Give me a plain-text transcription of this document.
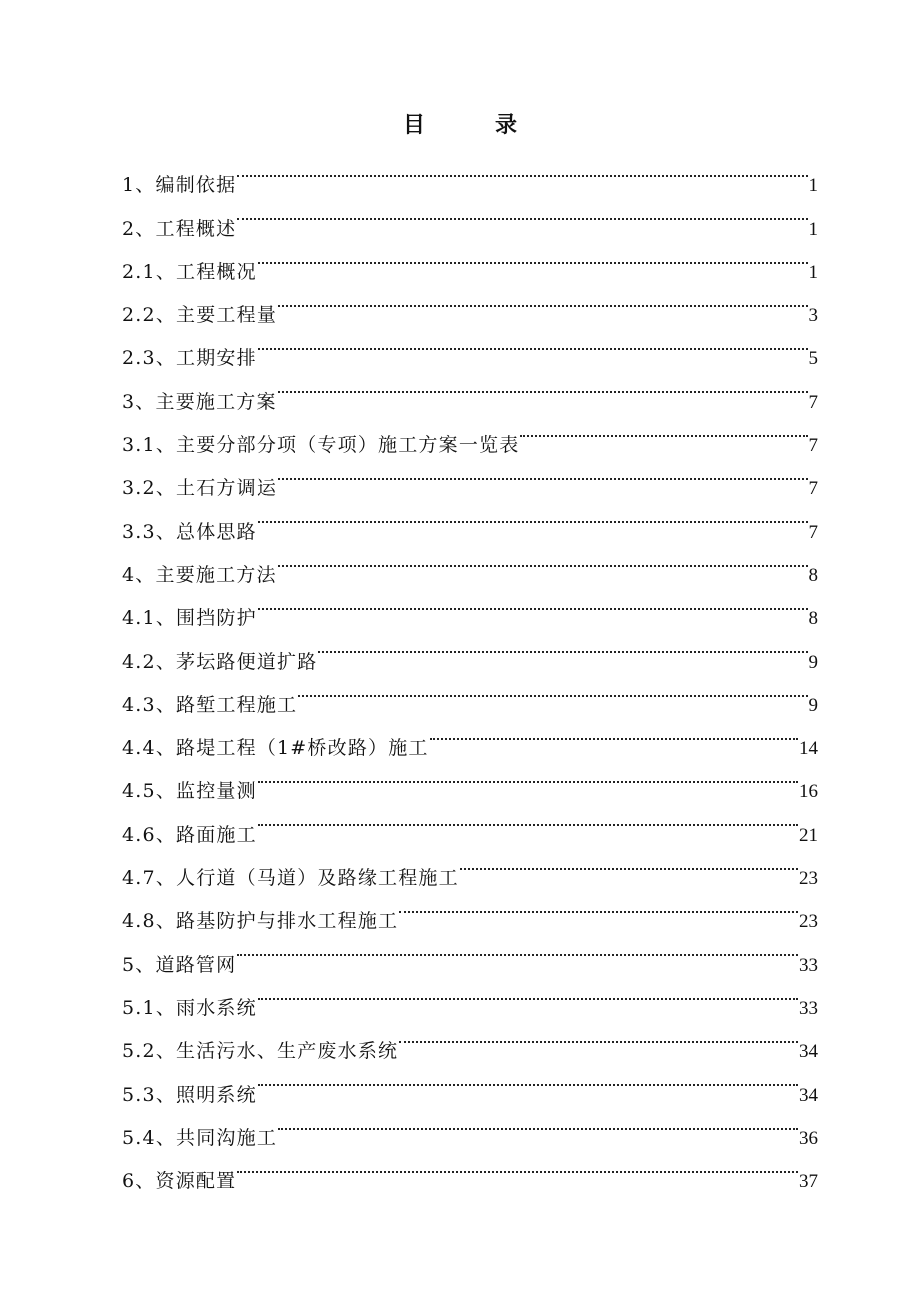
目　录
1、编制依据	1
2、工程概述	1
2.1、工程概况	1
2.2、主要工程量	3
2.3、工期安排	5
3、主要施工方案	7
3.1、主要分部分项（专项）施工方案一览表	7
3.2、土石方调运	7
3.3、总体思路	7
4、主要施工方法	8
4.1、围挡防护	8
4.2、茅坛路便道扩路	9
4.3、路堑工程施工	9
4.4、路堤工程（1#桥改路）施工	14
4.5、监控量测	16
4.6、路面施工	21
4.7、人行道（马道）及路缘工程施工	23
4.8、路基防护与排水工程施工	23
5、道路管网	33
5.1、雨水系统	33
5.2、生活污水、生产废水系统	34
5.3、照明系统	34
5.4、共同沟施工	36
6、资源配置	37
